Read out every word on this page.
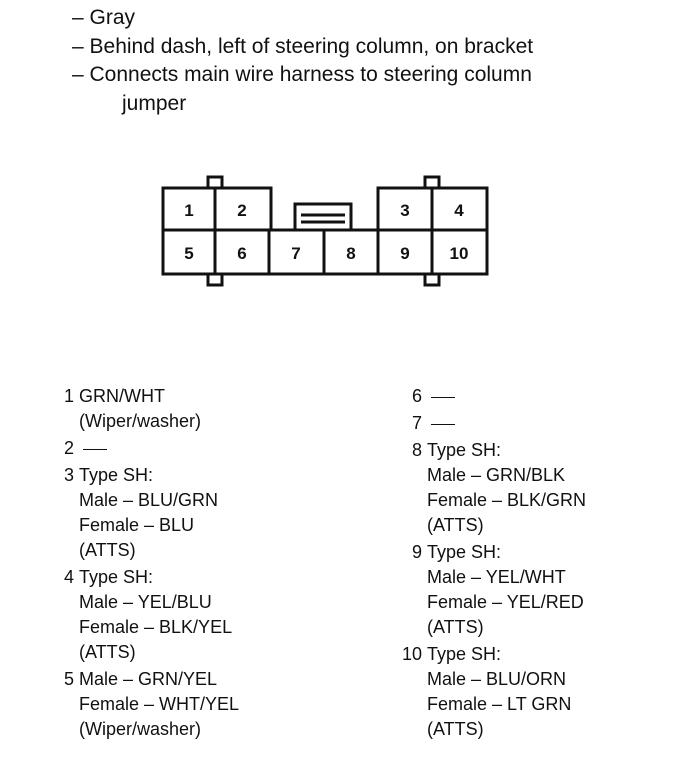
– Gray
– Behind dash, left of steering column, on bracket
– Connects main wire harness to steering column
jumper
1	2	3	4
5	6	7	8	9 10
1 GRN/WHT
(Wiper/washer)
2
3 Type SH:
Male – BLU/GRN
Female – BLU
(ATTS)
4 Type SH:
Male – YEL/BLU
Female – BLK/YEL
(ATTS)
5 Male – GRN/YEL
Female – WHT/YEL
(Wiper/washer)
6
7
8 Type SH:
Male – GRN/BLK
Female – BLK/GRN
(ATTS)
9 Type SH:
Male – YEL/WHT
Female – YEL/RED
(ATTS)
10 Type SH:
Male – BLU/ORN
Female – LT GRN
(ATTS)
